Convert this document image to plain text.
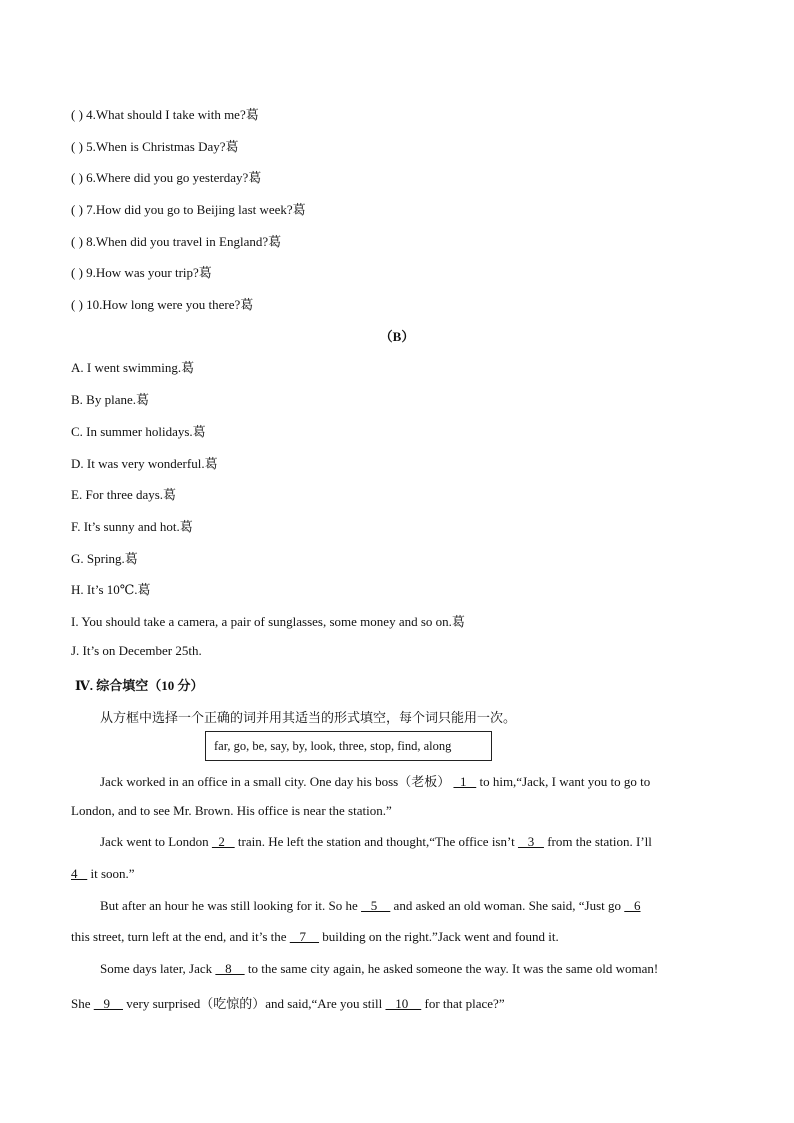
( ) 4.What should I take with me?葛
( ) 5.When is Christmas Day?葛
( ) 6.Where did you go yesterday?葛
( ) 7.How did you go to Beijing last week?葛
( ) 8.When did you travel in England?葛
( ) 9.How was your trip?葛
( ) 10.How long were you there?葛
（B）
A. I went swimming.葛
B. By plane.葛
C. In summer holidays.葛
D. It was very wonderful.葛
E. For three days.葛
F. It’s sunny and hot.葛
G. Spring.葛
H. It’s 10℃.葛
I. You should take a camera, a pair of sunglasses, some money and so on.葛
J. It’s on December 25th.
Ⅳ. 综合填空（10 分）
从方框中选择一个正确的词并用其适当的形式填空，每个词只能用一次。
far, go, be, say, by, look, three, stop, find, along
Jack worked in an office in a small city. One day his boss（老板）   1    to him,“Jack, I want you to go to
London, and to see Mr. Brown. His office is near the station.”
Jack went to London   2    train. He left the station and thought,“The office isn’t    3    from the station. I’ll
4    it soon.”
But after an hour he was still looking for it. So he    5     and asked an old woman. She said, “Just go    6
this street, turn left at the end, and it’s the    7     building on the right.”Jack went and found it.
Some days later, Jack    8     to the same city again, he asked someone the way. It was the same old woman!
She    9     very surprised（吃惊的）and said,“Are you still    10     for that place?”
